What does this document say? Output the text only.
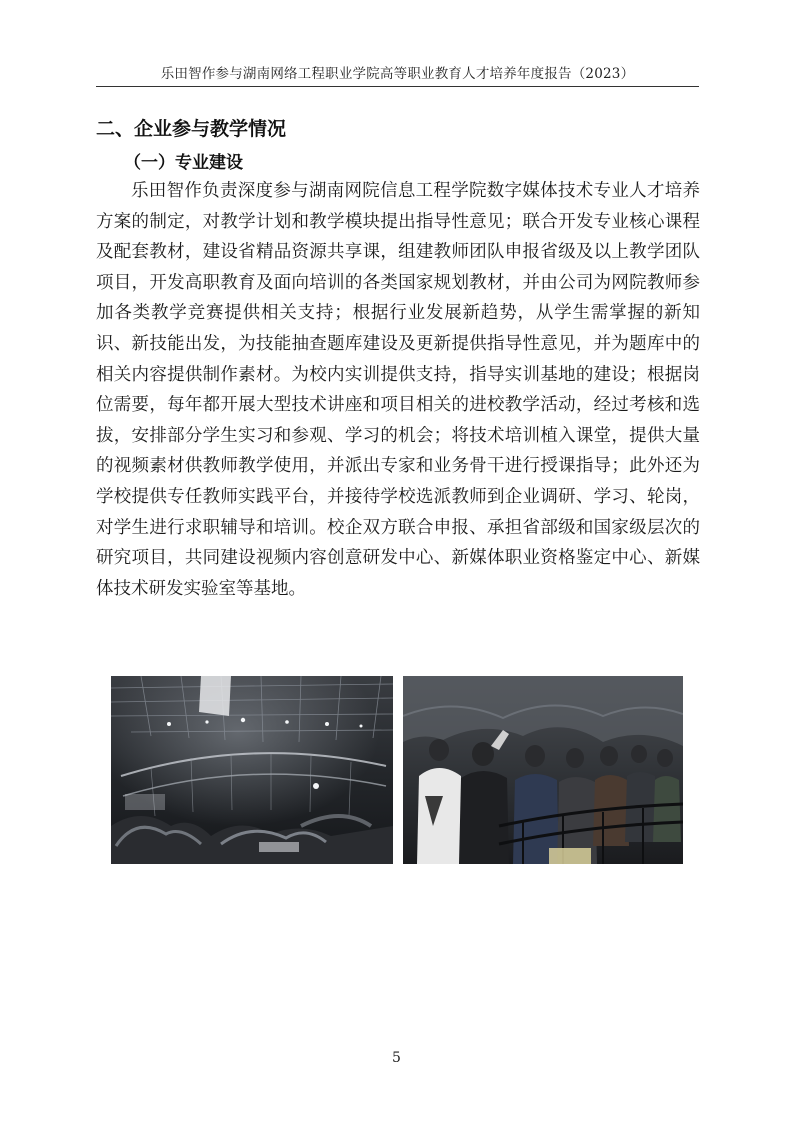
乐田智作参与湖南网络工程职业学院高等职业教育人才培养年度报告（2023）
二、企业参与教学情况
（一）专业建设

乐田智作负责深度参与湖南网院信息工程学院数字媒体技术专业人才培养方案的制定，对教学计划和教学模块提出指导性意见；联合开发专业核心课程及配套教材，建设省精品资源共享课，组建教师团队申报省级及以上教学团队项目，开发高职教育及面向培训的各类国家规划教材，并由公司为网院教师参加各类教学竞赛提供相关支持；根据行业发展新趋势，从学生需掌握的新知识、新技能出发，为技能抽查题库建设及更新提供指导性意见，并为题库中的相关内容提供制作素材。为校内实训提供支持，指导实训基地的建设；根据岗位需要，每年都开展大型技术讲座和项目相关的进校教学活动，经过考核和选拔，安排部分学生实习和参观、学习的机会；将技术培训植入课堂，提供大量的视频素材供教师教学使用，并派出专家和业务骨干进行授课指导；此外还为学校提供专任教师实践平台，并接待学校选派教师到企业调研、学习、轮岗，对学生进行求职辅导和培训。校企双方联合申报、承担省部级和国家级层次的研究项目，共同建设视频内容创意研发中心、新媒体职业资格鉴定中心、新媒体技术研发实验室等基地。

5
